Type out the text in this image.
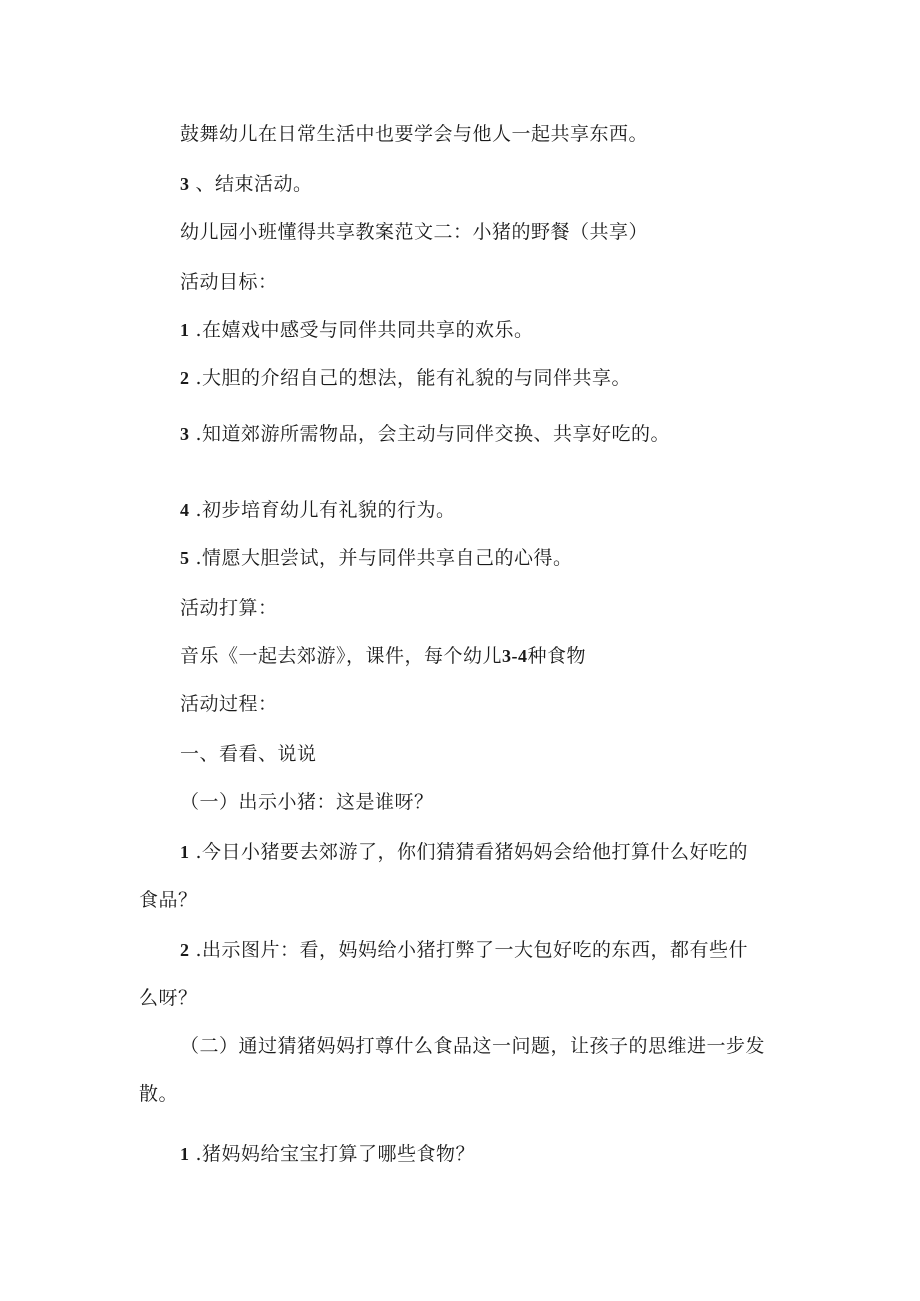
鼓舞幼儿在日常生活中也要学会与他人一起共享东西。
3 、结束活动。
幼儿园小班懂得共享教案范文二：小猪的野餐（共享）
活动目标：
1 .在嬉戏中感受与同伴共同共享的欢乐。
2 .大胆的介绍自己的想法，能有礼貌的与同伴共享。
3 .知道郊游所需物品，会主动与同伴交换、共享好吃的。
4 .初步培育幼儿有礼貌的行为。
5 .情愿大胆尝试，并与同伴共享自己的心得。
活动打算：
音乐《一起去郊游》，课件，每个幼儿3-4种食物
活动过程：
一、看看、说说
（一）出示小猪：这是谁呀？
1 .今日小猪要去郊游了，你们猜猜看猪妈妈会给他打算什么好吃的
食品？
2 .出示图片：看，妈妈给小猪打弊了一大包好吃的东西，都有些什
么呀？
（二）通过猜猪妈妈打尊什么食品这一问题，让孩子的思维进一步发
散。
1 .猪妈妈给宝宝打算了哪些食物？
